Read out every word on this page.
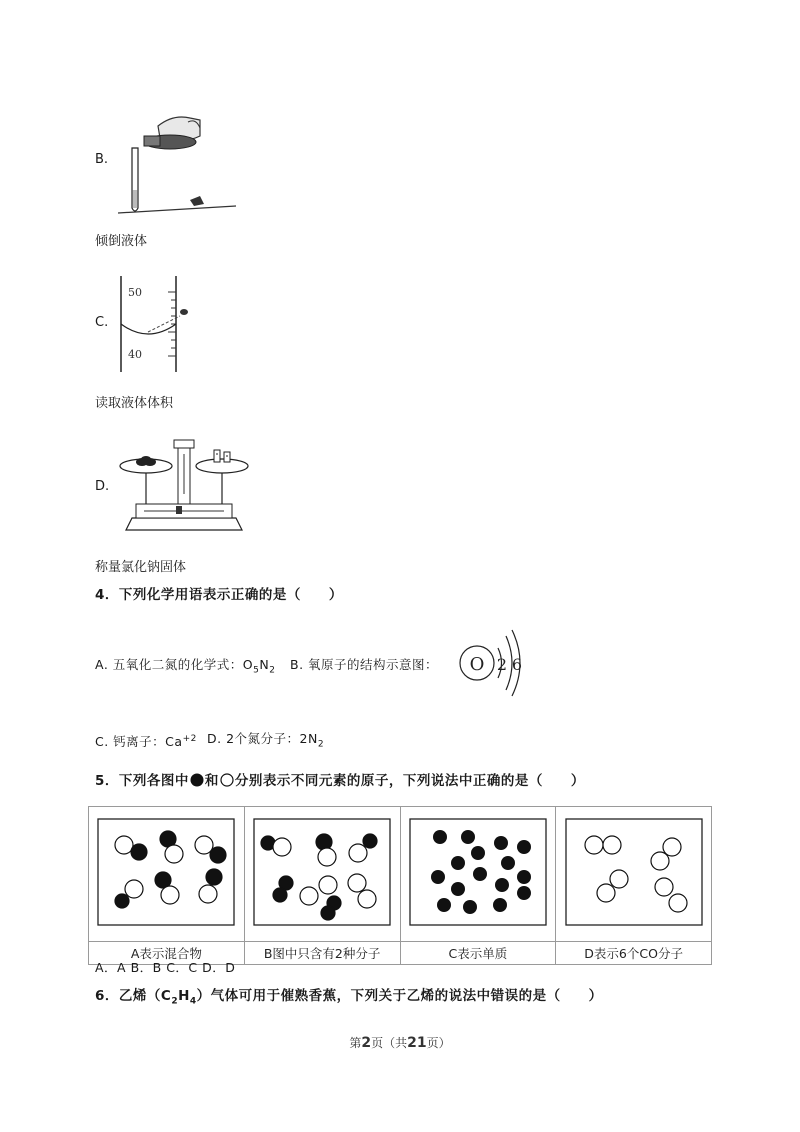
B.
倾倒液体
C.
50
40
读取液体体积
D.
称量氯化钠固体
4．下列化学用语表示正确的是（　　）
A. 五氧化二氮的化学式：$O_5N_2$ B. 氧原子的结构示意图： O 2 6
C. 钙离子：$Ca^{+2}$ D. 2个氮分子：$2N_2$
5．下列各图中 和 分别表示不同元素的原子，下列说法中正确的是（　　）

A表示混合物	B图中只含有2种分子	C表示单质	D表示6个CO分子
A．A B．B C．C D．D
6．乙烯$(C_2H_4)$气体可用于催熟香蕉，下列关于乙烯的说法中错误的是（　　）
第2页（共21页）
